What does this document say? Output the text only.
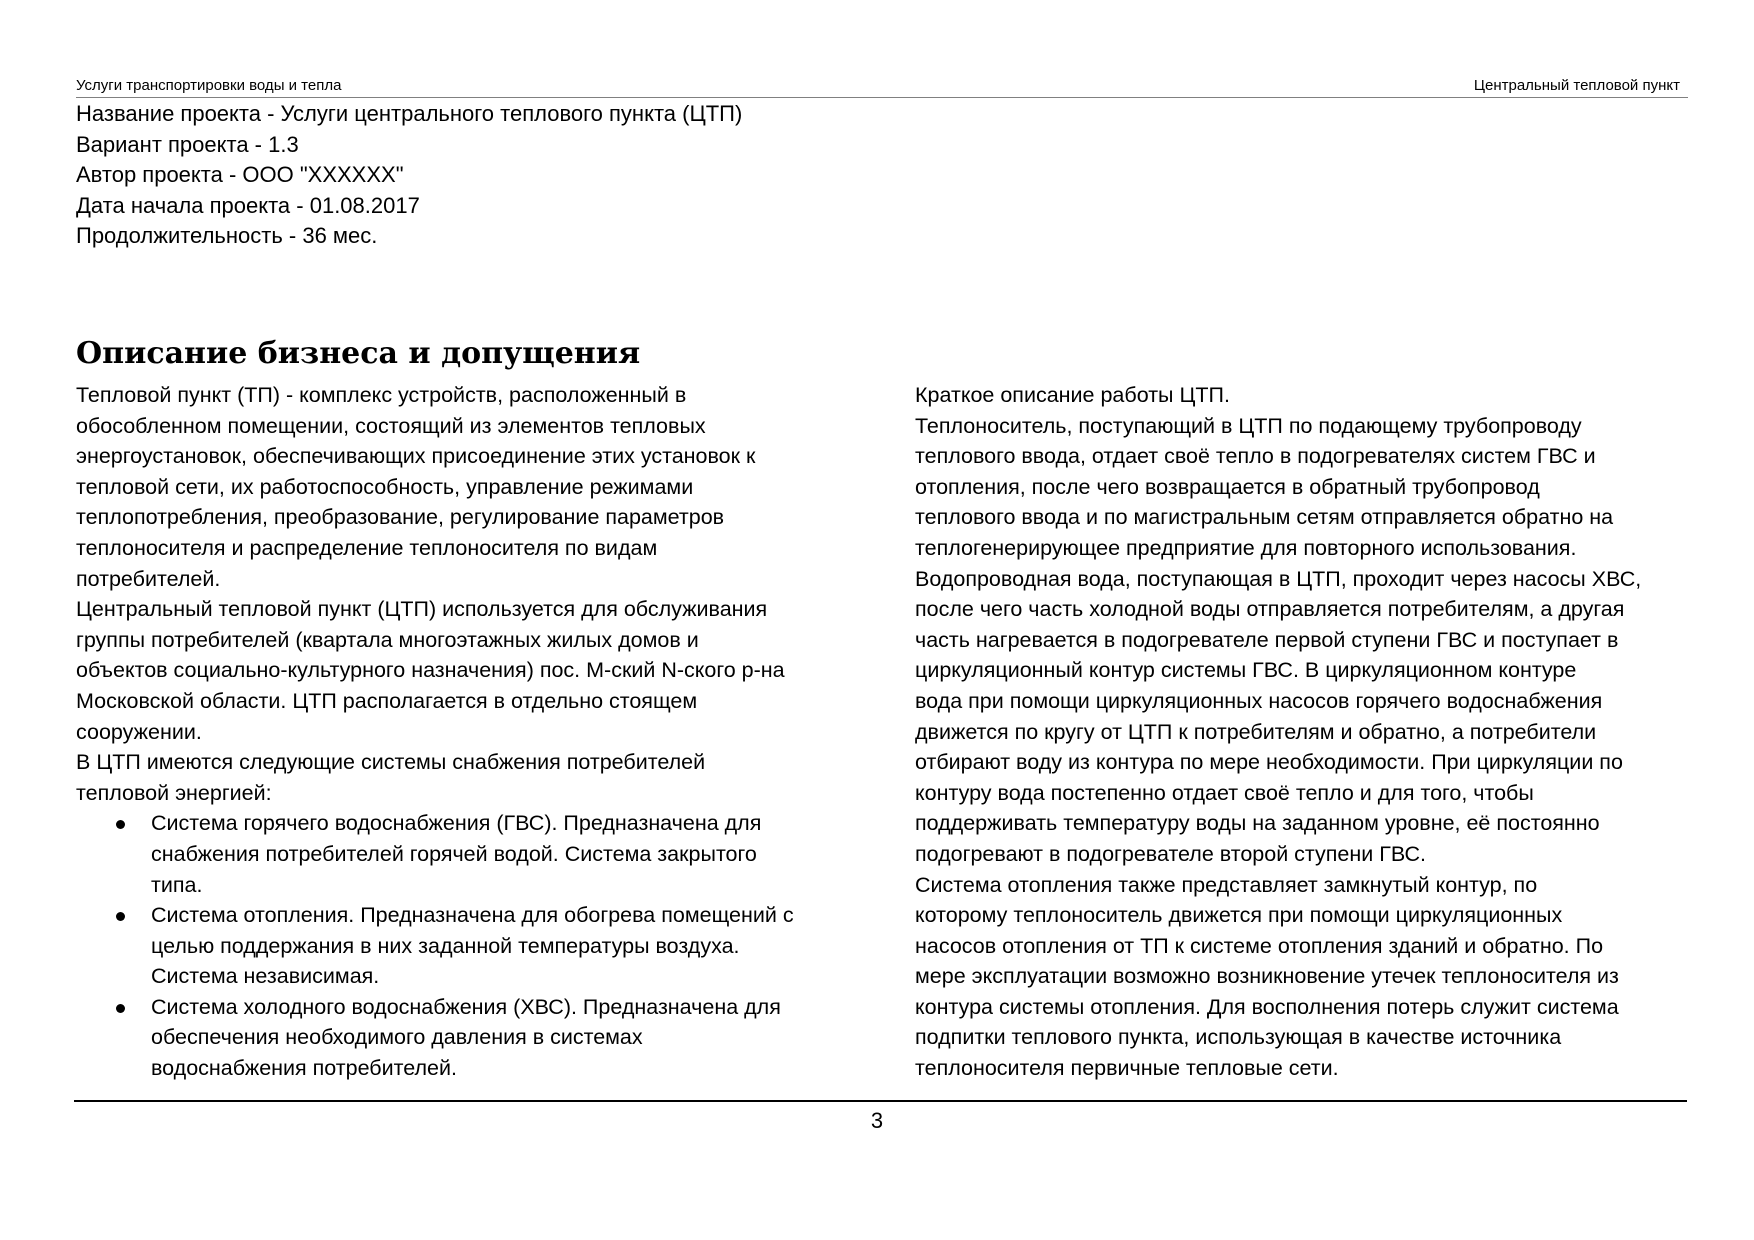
Услуги транспортировки воды и тепла	Центральный тепловой пункт
Название проекта - Услуги центрального теплового пункта (ЦТП)
Вариант проекта - 1.3
Автор проекта - ООО "XXXXXX"
Дата начала проекта - 01.08.2017
Продолжительность - 36 мес.
Описание бизнеса и допущения

Тепловой пункт (ТП) - комплекс устройств, расположенный в
обособленном помещении, состоящий из элементов тепловых
энергоустановок, обеспечивающих присоединение этих установок к
тепловой сети, их работоспособность, управление режимами
теплопотребления, преобразование, регулирование параметров
теплоносителя и распределение теплоносителя по видам
потребителей.

Центральный тепловой пункт (ЦТП) используется для обслуживания
группы потребителей (квартала многоэтажных жилых домов и
объектов социально-культурного назначения) пос. М-ский N-ского р-на
Московской области. ЦТП располагается в отдельно стоящем
сооружении.

В ЦТП имеются следующие системы снабжения потребителей
тепловой энергией:

Система горячего водоснабжения (ГВС). Предназначена для
снабжения потребителей горячей водой. Система закрытого
типа.
Система отопления. Предназначена для обогрева помещений с
целью поддержания в них заданной температуры воздуха.
Система независимая.
Система холодного водоснабжения (ХВС). Предназначена для
обеспечения необходимого давления в системах
водоснабжения потребителей.

Краткое описание работы ЦТП.

Теплоноситель, поступающий в ЦТП по подающему трубопроводу
теплового ввода, отдает своё тепло в подогревателях систем ГВС и
отопления, после чего возвращается в обратный трубопровод
теплового ввода и по магистральным сетям отправляется обратно на
теплогенерирующее предприятие для повторного использования.

Водопроводная вода, поступающая в ЦТП, проходит через насосы ХВС,
после чего часть холодной воды отправляется потребителям, а другая
часть нагревается в подогревателе первой ступени ГВС и поступает в
циркуляционный контур системы ГВС. В циркуляционном контуре
вода при помощи циркуляционных насосов горячего водоснабжения
движется по кругу от ЦТП к потребителям и обратно, а потребители
отбирают воду из контура по мере необходимости. При циркуляции по
контуру вода постепенно отдает своё тепло и для того, чтобы
поддерживать температуру воды на заданном уровне, её постоянно
подогревают в подогревателе второй ступени ГВС.

Система отопления также представляет замкнутый контур, по
которому теплоноситель движется при помощи циркуляционных
насосов отопления от ТП к системе отопления зданий и обратно. По
мере эксплуатации возможно возникновение утечек теплоносителя из
контура системы отопления. Для восполнения потерь служит система
подпитки теплового пункта, использующая в качестве источника
теплоносителя первичные тепловые сети.

3
